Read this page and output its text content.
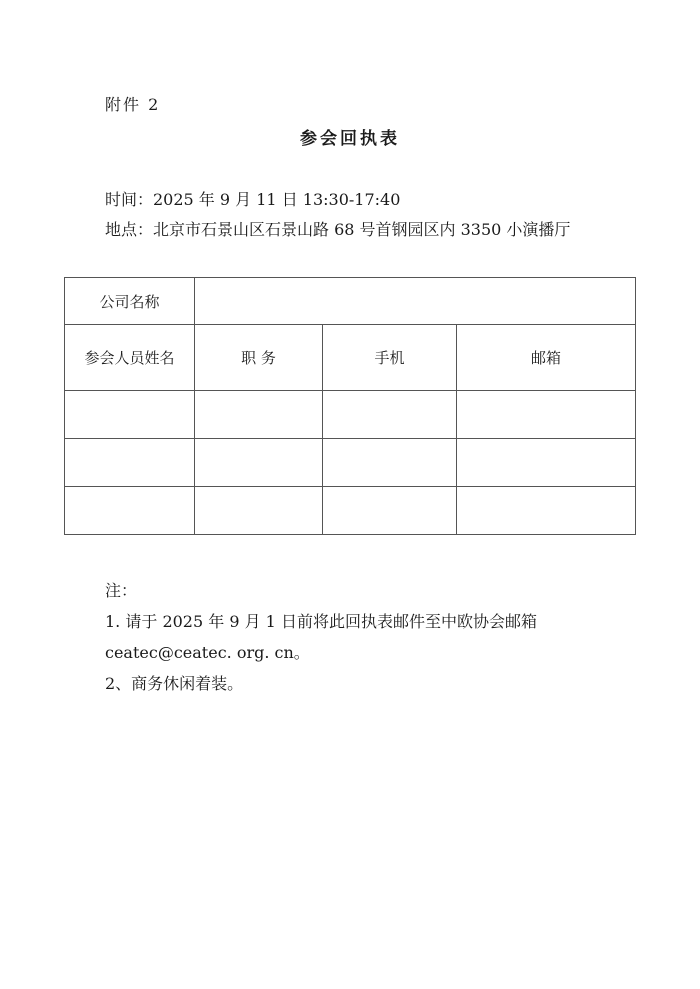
附件 2
参会回执表
时间：2025 年 9 月 11 日 13:30-17:40
地点：北京市石景山区石景山路 68 号首钢园区内 3350 小演播厅
公司名称			
参会人员姓名	职 务	手机	邮箱

注：
1. 请于 2025 年 9 月 1 日前将此回执表邮件至中欧协会邮箱
ceatec@ceatec. org. cn。
2、商务休闲着装。
